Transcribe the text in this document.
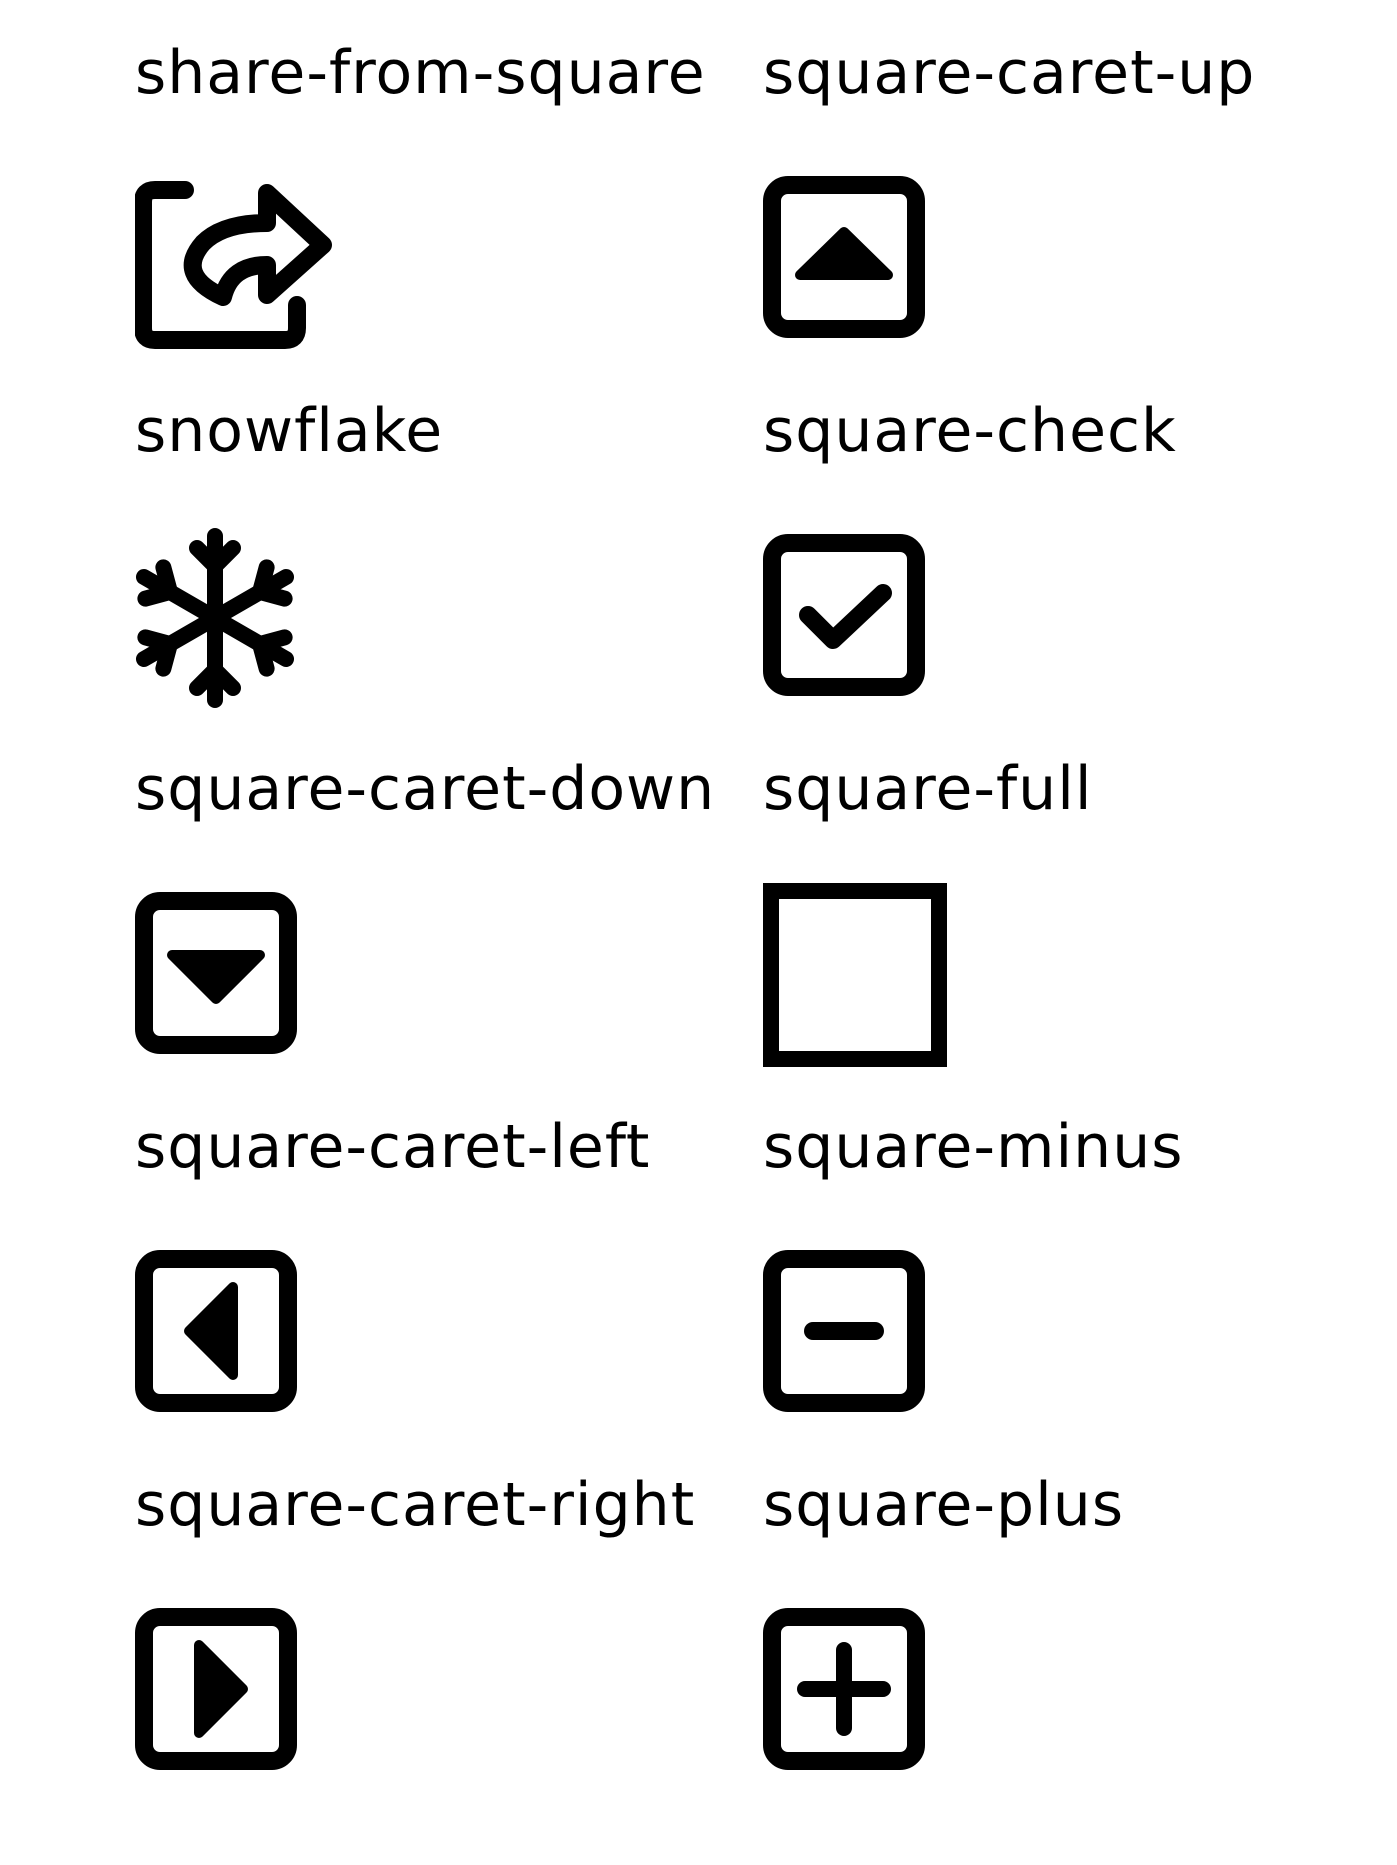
share-from-square square-caret-up
snowflake	square-check
square-caret-down square-full
square-caret-left square-minus
square-caret-right square-plus
